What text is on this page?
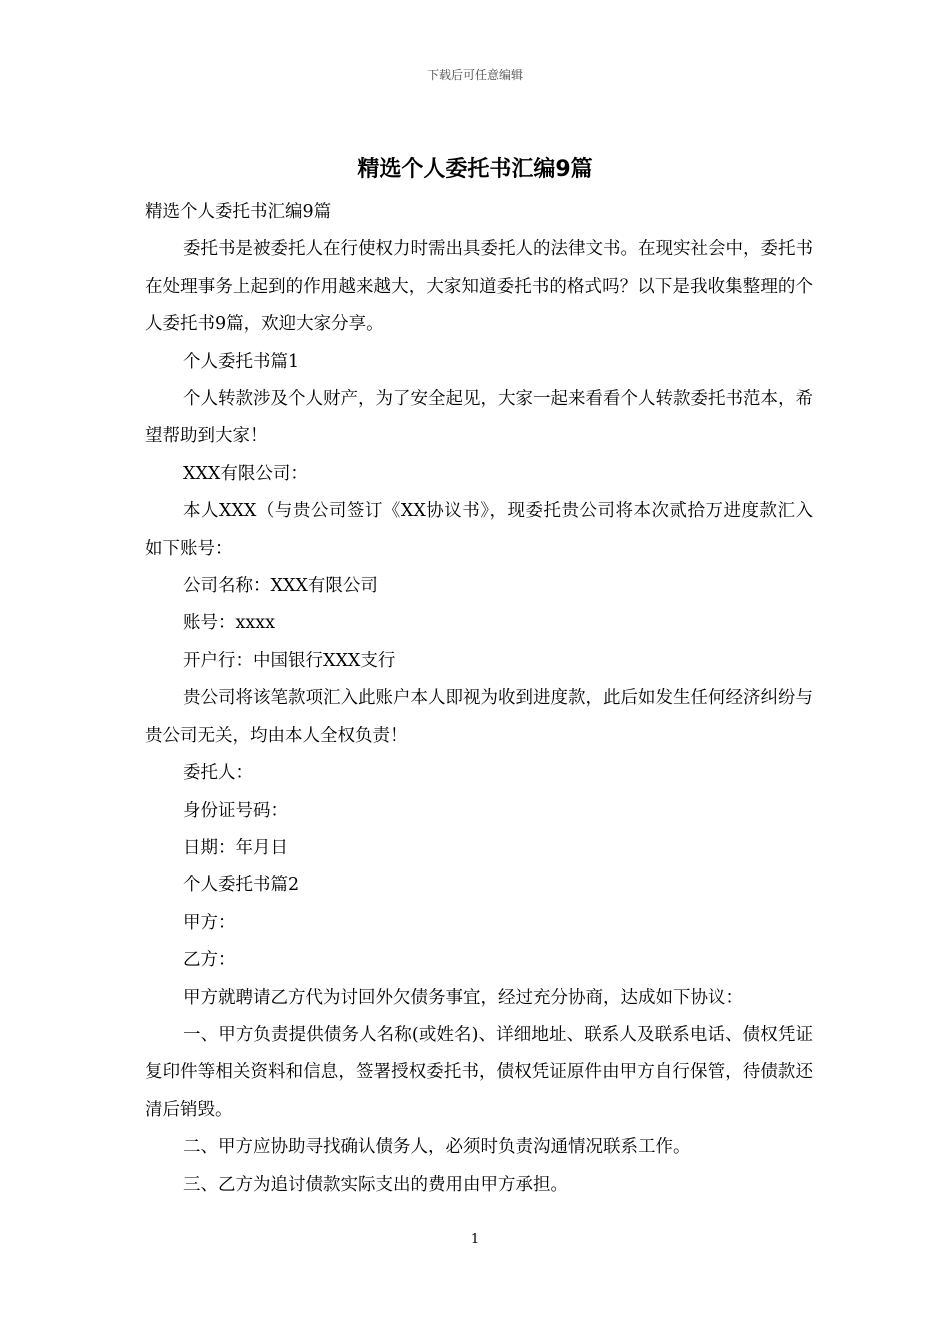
下载后可任意编辑
精选个人委托书汇编9篇

精选个人委托书汇编9篇

委托书是被委托人在行使权力时需出具委托人的法律文书。在现实社会中，委托书在处理事务上起到的作用越来越大，大家知道委托书的格式吗？以下是我收集整理的个人委托书9篇，欢迎大家分享。

个人委托书篇1

个人转款涉及个人财产，为了安全起见，大家一起来看看个人转款委托书范本，希望帮助到大家！

XXX有限公司：

本人XXX（与贵公司签订《XX协议书》，现委托贵公司将本次贰拾万进度款汇入如下账号：

公司名称：XXX有限公司

账号：xxxx

开户行：中国银行XXX支行

贵公司将该笔款项汇入此账户本人即视为收到进度款，此后如发生任何经济纠纷与贵公司无关，均由本人全权负责！

委托人：

身份证号码：

日期：年月日

个人委托书篇2

甲方：

乙方：

甲方就聘请乙方代为讨回外欠债务事宜，经过充分协商，达成如下协议：

一、甲方负责提供债务人名称(或姓名)、详细地址、联系人及联系电话、债权凭证复印件等相关资料和信息，签署授权委托书，债权凭证原件由甲方自行保管，待债款还清后销毁。

二、甲方应协助寻找确认债务人，必须时负责沟通情况联系工作。

三、乙方为追讨债款实际支出的费用由甲方承担。

1
